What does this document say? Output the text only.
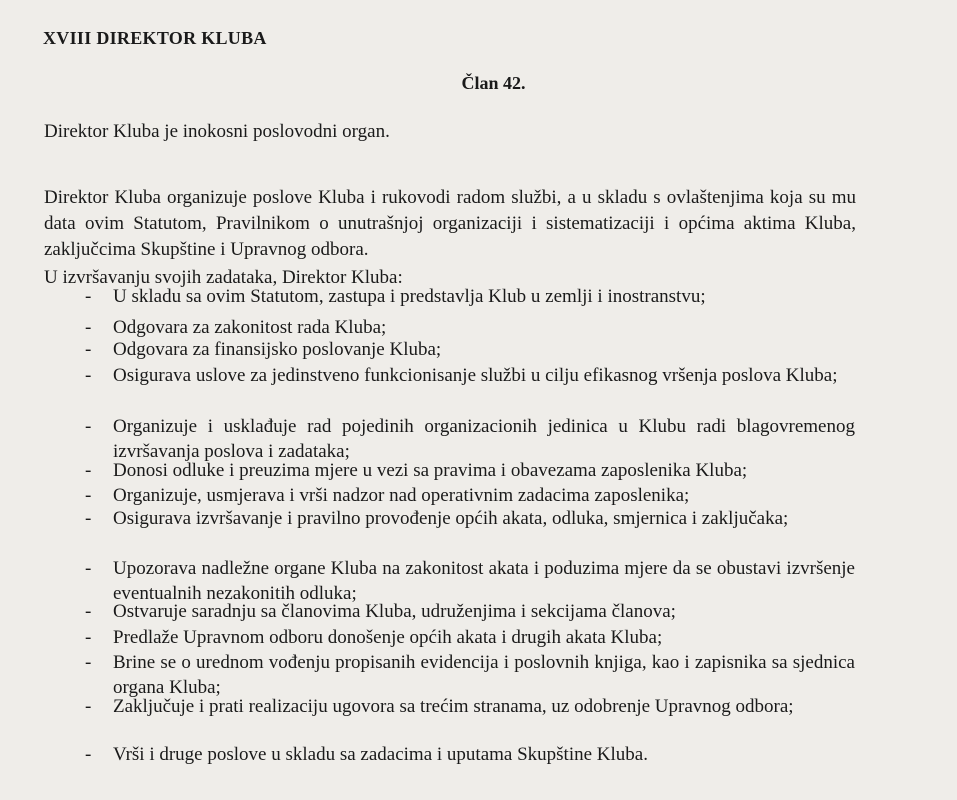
XVIII DIREKTOR KLUBA
Član 42.

Direktor Kluba je inokosni poslovodni organ.

Direktor Kluba organizuje poslove Kluba i rukovodi radom službi, a u skladu s ovlaštenjima koja su mu data ovim Statutom, Pravilnikom o unutrašnjoj organizaciji i sistematizaciji i općima aktima Kluba, zaključcima Skupštine i Upravnog odbora.

U izvršavanju svojih zadataka, Direktor Kluba:

- U skladu sa ovim Statutom, zastupa i predstavlja Klub u zemlji i inostranstvu;
- Odgovara za zakonitost rada Kluba;
- Odgovara za finansijsko poslovanje Kluba;
- Osigurava uslove za jedinstveno funkcionisanje službi u cilju efikasnog vršenja poslova Kluba;
- Organizuje i usklađuje rad pojedinih organizacionih jedinica u Klubu radi blagovremenog izvršavanja poslova i zadataka;
- Donosi odluke i preuzima mjere u vezi sa pravima i obavezama zaposlenika Kluba;
- Organizuje, usmjerava i vrši nadzor nad operativnim zadacima zaposlenika;
- Osigurava izvršavanje i pravilno provođenje općih akata, odluka, smjernica i zaključaka;
- Upozorava nadležne organe Kluba na zakonitost akata i poduzima mjere da se obustavi izvršenje eventualnih nezakonitih odluka;
- Ostvaruje saradnju sa članovima Kluba, udruženjima i sekcijama članova;
- Predlaže Upravnom odboru donošenje općih akata i drugih akata Kluba;
- Brine se o urednom vođenju propisanih evidencija i poslovnih knjiga, kao i zapisnika sa sjednica organa Kluba;
- Zaključuje i prati realizaciju ugovora sa trećim stranama, uz odobrenje Upravnog odbora;
- Vrši i druge poslove u skladu sa zadacima i uputama Skupštine Kluba.
